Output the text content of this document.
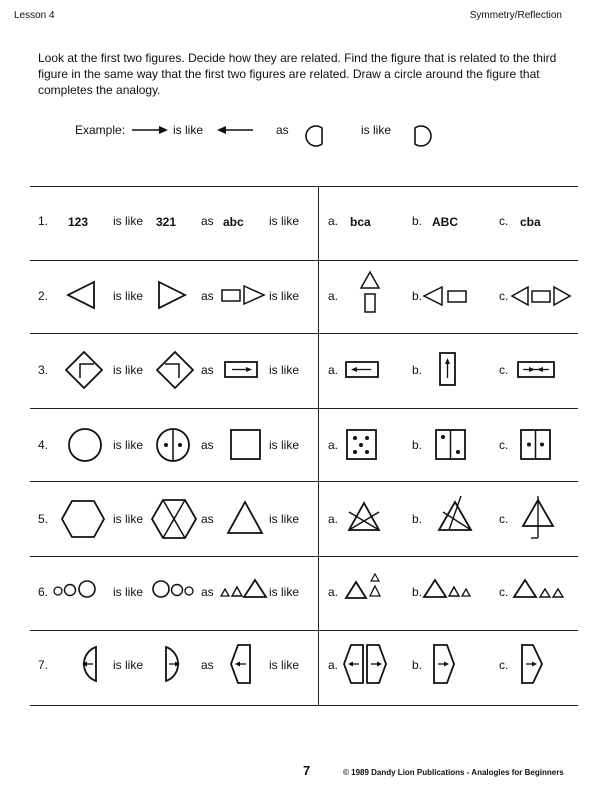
Lesson 4	Symmetry/Reflection
Look at the first two figures. Decide how they are related. Find the figure that is related to the third figure in the same way that the first two figures are related. Draw a circle around the figure that completes the analogy.
Example:	is like	as	is like
1. 123 is like 321 as abc is like a. bca	b. ABC	c. cba
2.	is like	as	is like a.	b.	c.
3.	is like	as	is like a.	b.	c.
4.	is like	as	is like a.	b.	c.
5.	is like	as	is like a.	b.	c.
6.	is like	as	is like a.	b.	c.
7.	is like	as	is like a.	b.	c.
7	© 1989 Dandy Lion Publications - Analogies for Beginners
